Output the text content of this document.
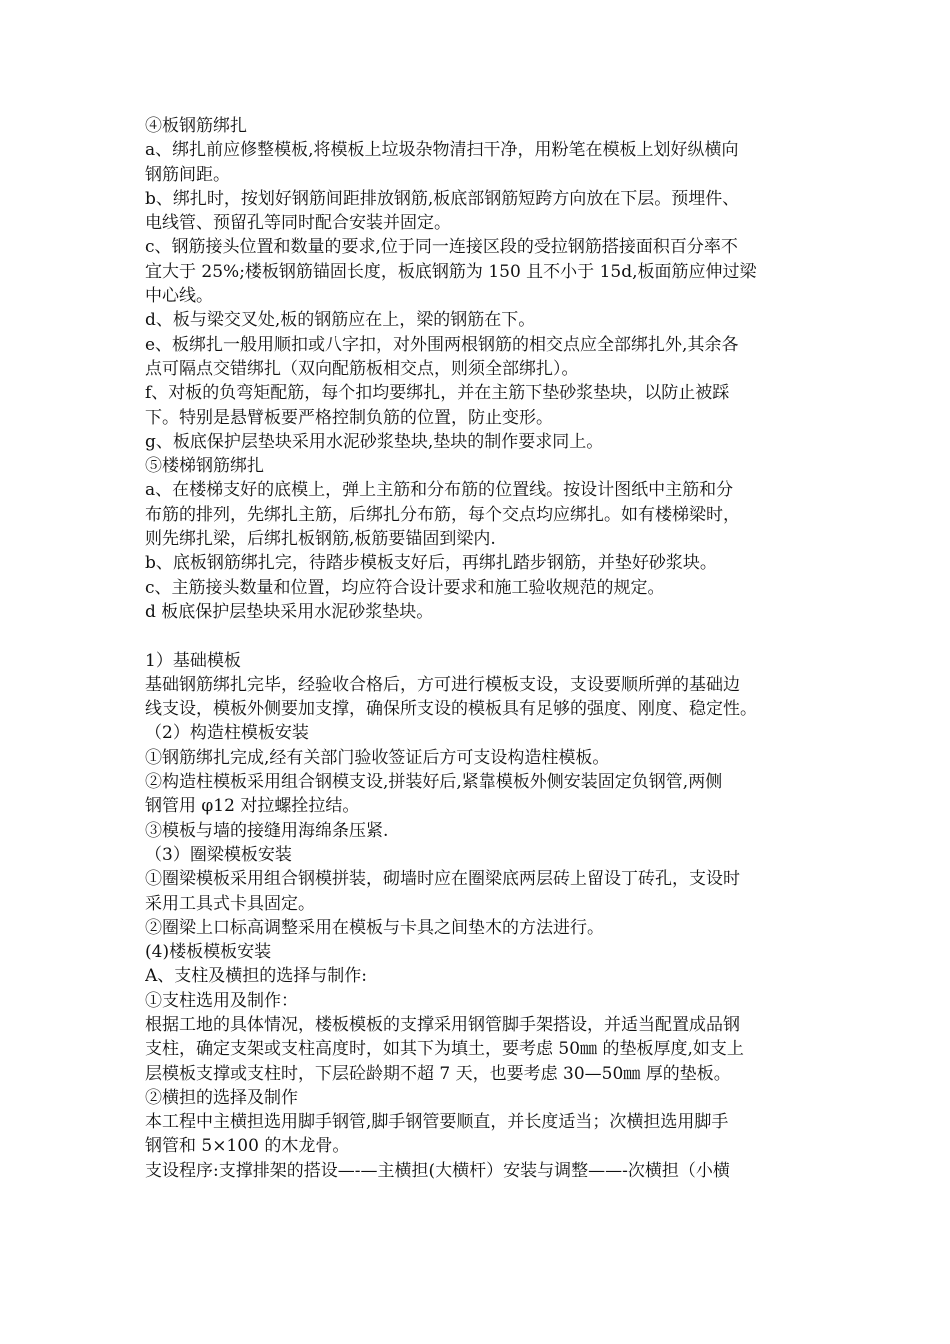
④板钢筋绑扎
a、绑扎前应修整模板,将模板上垃圾杂物清扫干净，用粉笔在模板上划好纵横向
钢筋间距。
b、绑扎时，按划好钢筋间距排放钢筋,板底部钢筋短跨方向放在下层。预埋件、
电线管、预留孔等同时配合安装并固定。
c、钢筋接头位置和数量的要求,位于同一连接区段的受拉钢筋搭接面积百分率不
宜大于 25%;楼板钢筋锚固长度，板底钢筋为 150 且不小于 15d,板面筋应伸过梁
中心线。
d、板与梁交叉处,板的钢筋应在上，梁的钢筋在下。
e、板绑扎一般用顺扣或八字扣，对外围两根钢筋的相交点应全部绑扎外,其余各
点可隔点交错绑扎（双向配筋板相交点，则须全部绑扎）。
f、对板的负弯矩配筋，每个扣均要绑扎，并在主筋下垫砂浆垫块，以防止被踩
下。特别是悬臂板要严格控制负筋的位置，防止变形。
g、板底保护层垫块采用水泥砂浆垫块,垫块的制作要求同上。
⑤楼梯钢筋绑扎
a、在楼梯支好的底模上，弹上主筋和分布筋的位置线。按设计图纸中主筋和分
布筋的排列，先绑扎主筋，后绑扎分布筋，每个交点均应绑扎。如有楼梯梁时，
则先绑扎梁，后绑扎板钢筋,板筋要锚固到梁内.
b、底板钢筋绑扎完，待踏步模板支好后，再绑扎踏步钢筋，并垫好砂浆块。
c、主筋接头数量和位置，均应符合设计要求和施工验收规范的规定。
d 板底保护层垫块采用水泥砂浆垫块。
1）基础模板
基础钢筋绑扎完毕，经验收合格后，方可进行模板支设，支设要顺所弹的基础边
线支设，模板外侧要加支撑，确保所支设的模板具有足够的强度、刚度、稳定性。
（2）构造柱模板安装
①钢筋绑扎完成,经有关部门验收签证后方可支设构造柱模板。
②构造柱模板采用组合钢模支设,拼装好后,紧靠模板外侧安装固定负钢管,两侧
钢管用 φ12 对拉螺拴拉结。
③模板与墙的接缝用海绵条压紧.
（3）圈梁模板安装
①圈梁模板采用组合钢模拼装，砌墙时应在圈梁底两层砖上留设丁砖孔，支设时
采用工具式卡具固定。
②圈梁上口标高调整采用在模板与卡具之间垫木的方法进行。
(4)楼板模板安装
A、支柱及横担的选择与制作:
①支柱选用及制作：
根据工地的具体情况，楼板模板的支撑采用钢管脚手架搭设，并适当配置成品钢
支柱，确定支架或支柱高度时，如其下为填土，要考虑 50㎜ 的垫板厚度,如支上
层模板支撑或支柱时，下层砼龄期不超 7 天，也要考虑 30—50㎜ 厚的垫板。
②横担的选择及制作
本工程中主横担选用脚手钢管,脚手钢管要顺直，并长度适当；次横担选用脚手
钢管和 5×100 的木龙骨。
支设程序:支撑排架的搭设—-—主横担(大横杆）安装与调整——-次横担（小横
